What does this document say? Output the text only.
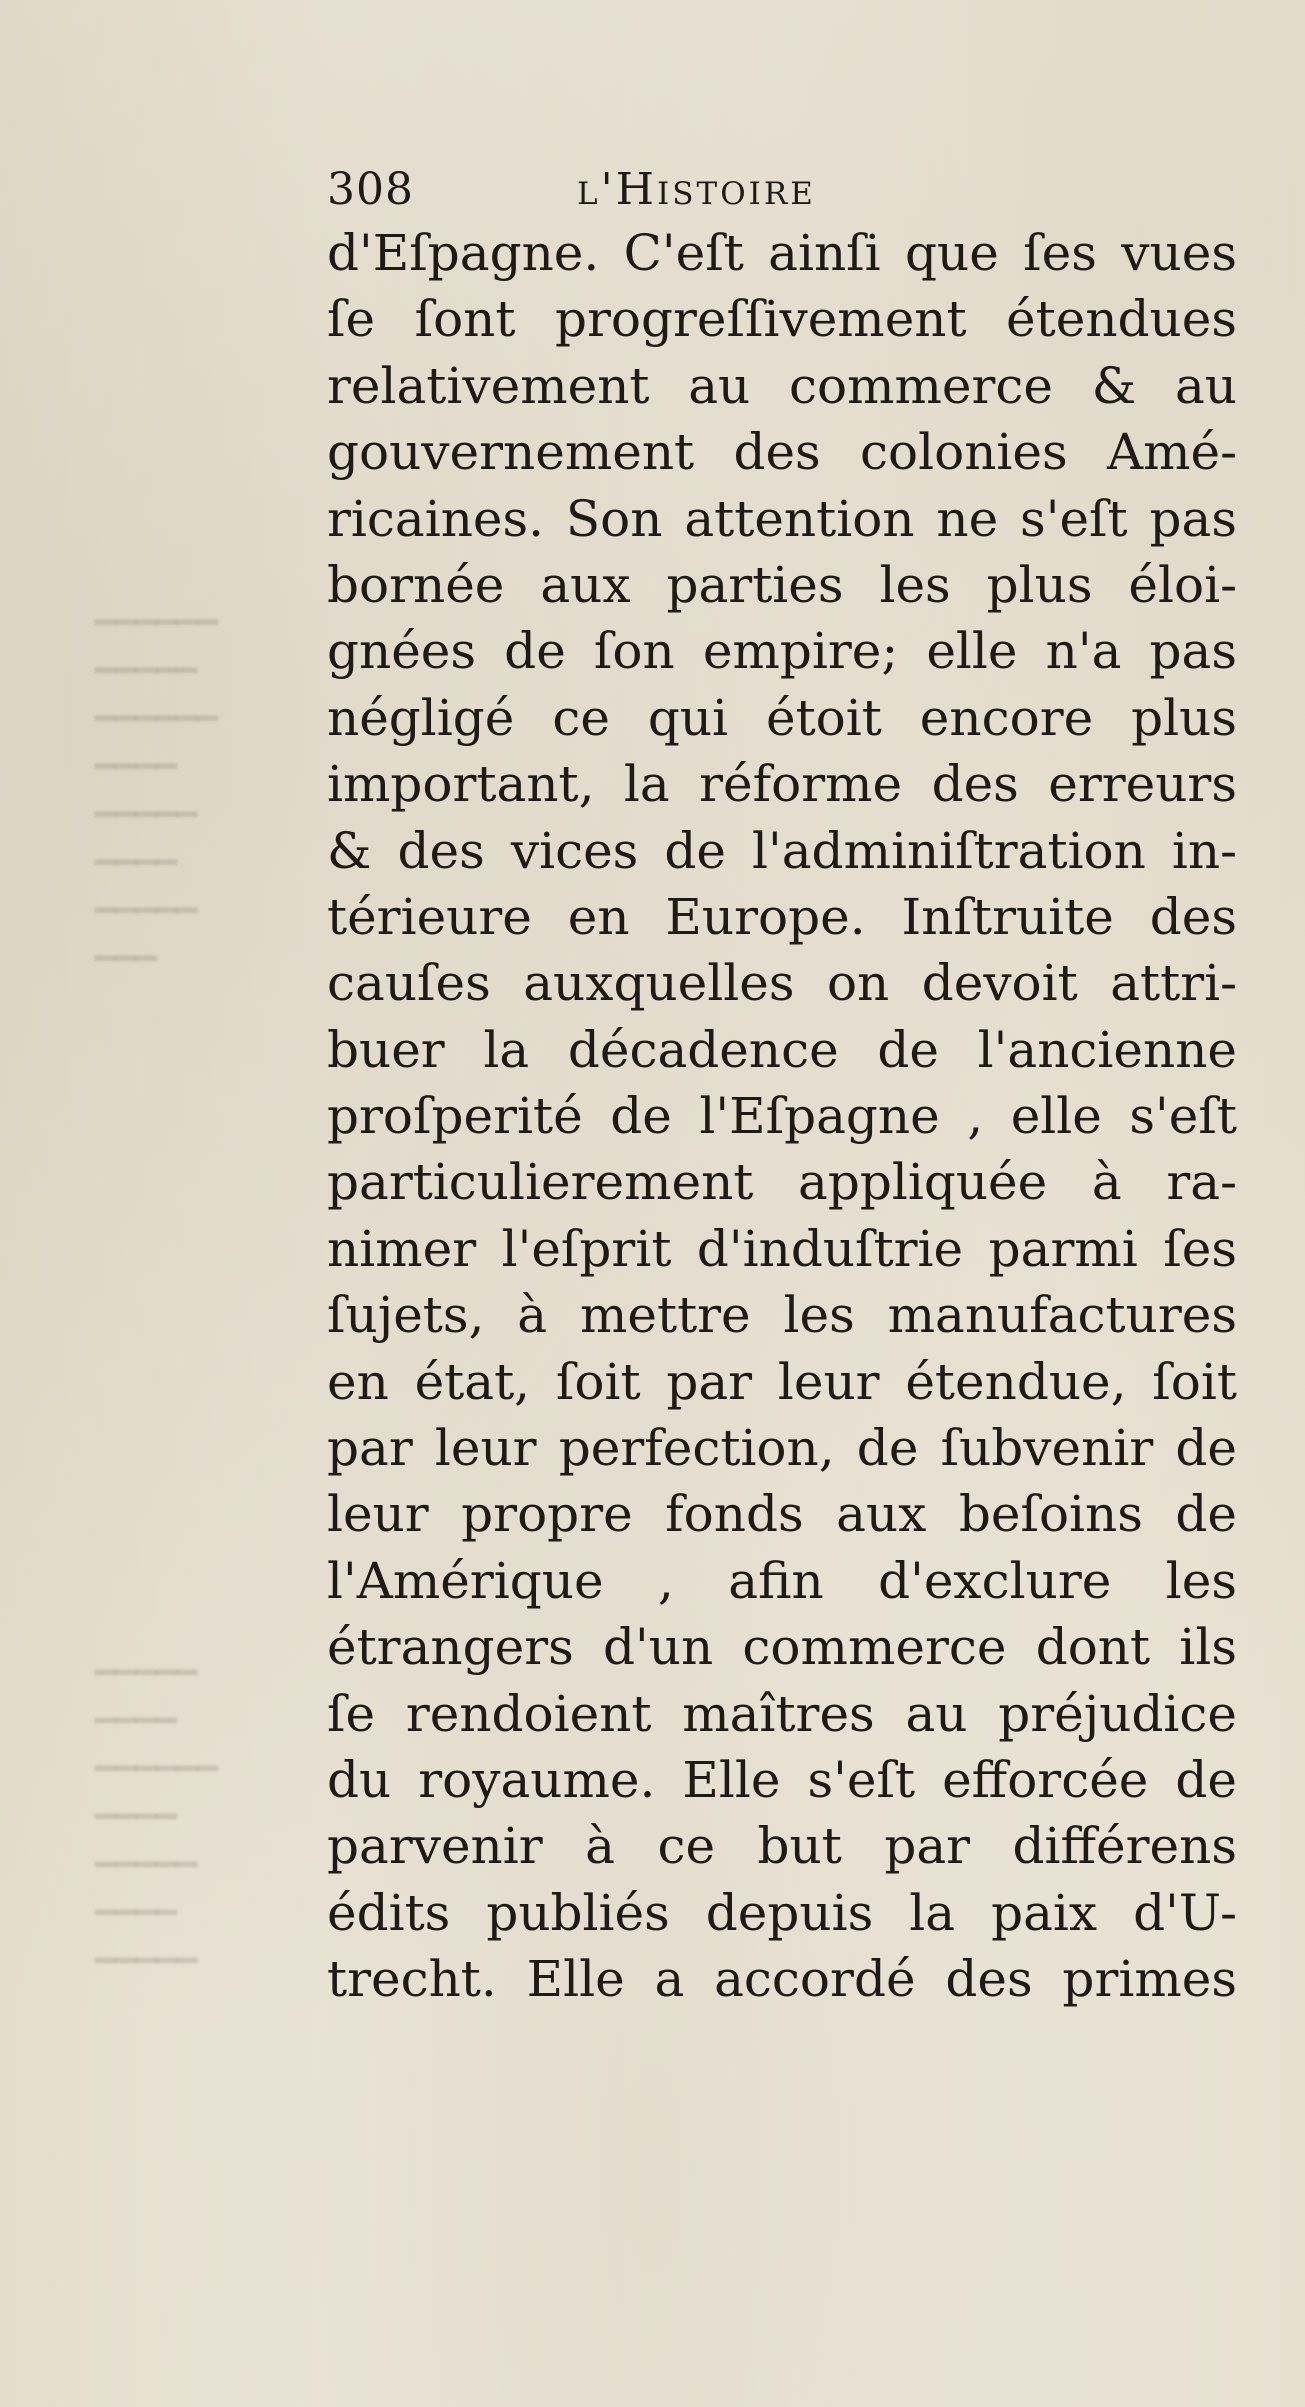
━━━━━━
━━━━━
━━━━━━
━━━━
━━━━━
━━━━
━━━━━
━━━
━━━━━
━━━━
━━━━━━
━━━━
━━━━━
━━━━
━━━━━
308	l'Histoire
d'Eſpagne. C'eſt ainſi que ſes vues
ſe ſont progreſſivement étendues
relativement au commerce & au
gouvernement des colonies Amé-
ricaines. Son attention ne s'eſt pas
bornée aux parties les plus éloi-
gnées de ſon empire; elle n'a pas
négligé ce qui étoit encore plus
important, la réforme des erreurs
& des vices de l'adminiſtration in-
térieure en Europe. Inſtruite des
cauſes auxquelles on devoit attri-
buer la décadence de l'ancienne
proſperité de l'Eſpagne , elle s'eſt
particulierement appliquée à ra-
nimer l'eſprit d'induſtrie parmi ſes
ſujets, à mettre les manufactures
en état, ſoit par leur étendue, ſoit
par leur perfection, de ſubvenir de
leur propre fonds aux beſoins de
l'Amérique , afin d'exclure les
étrangers d'un commerce dont ils
ſe rendoient maîtres au préjudice
du royaume. Elle s'eſt efforcée de
parvenir à ce but par différens
édits publiés depuis la paix d'U-
trecht. Elle a accordé des primes
